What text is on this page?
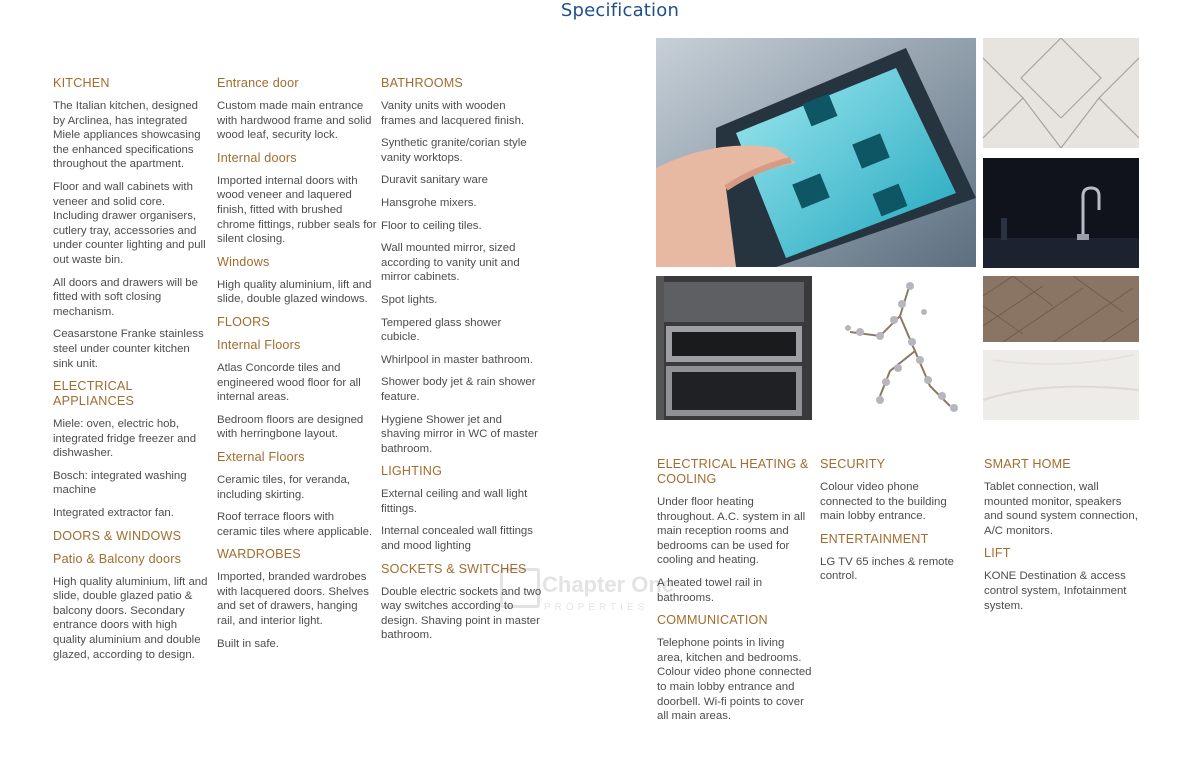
Specification
KITCHEN
The Italian kitchen, designed by Arclinea, has integrated Miele appliances showcasing the enhanced specifications throughout the apartment.
Floor and wall cabinets with veneer and solid core. Including drawer organisers, cutlery tray, accessories and under counter lighting and pull out waste bin.
All doors and drawers will be fitted with soft closing mechanism.
Ceasarstone Franke stainless steel under counter kitchen sink unit.
ELECTRICAL APPLIANCES
Miele: oven, electric hob, integrated fridge freezer and dishwasher.
Bosch: integrated washing machine
Integrated extractor fan.
DOORS & WINDOWS
Patio & Balcony doors
High quality aluminium, lift and slide, double glazed patio & balcony doors. Secondary entrance doors with high quality aluminium and double glazed, according to design.
Entrance door
Custom made main entrance with hardwood frame and solid wood leaf, security lock.
Internal doors
Imported internal doors with wood veneer and laquered finish, fitted with brushed chrome fittings, rubber seals for silent closing.
Windows
High quality aluminium, lift and slide, double glazed windows.
FLOORS
Internal Floors
Atlas Concorde tiles and engineered wood floor for all internal areas.
Bedroom floors are designed with herringbone layout.
External Floors
Ceramic tiles, for veranda, including skirting.
Roof terrace floors with ceramic tiles where applicable.
WARDROBES
Imported, branded wardrobes with lacquered doors. Shelves and set of drawers, hanging rail, and interior light.
Built in safe.
BATHROOMS
Vanity units with wooden frames and lacquered finish.
Synthetic granite/corian style vanity worktops.
Duravit sanitary ware
Hansgrohe mixers.
Floor to ceiling tiles.
Wall mounted mirror, sized according to vanity unit and mirror cabinets.
Spot lights.
Tempered glass shower cubicle.
Whirlpool in master bathroom.
Shower body jet & rain shower feature.
Hygiene Shower jet and shaving mirror in WC of master bathroom.
LIGHTING
External ceiling and wall light fittings.
Internal concealed wall fittings and mood lighting
SOCKETS & SWITCHES
Double electric sockets and two way switches according to design. Shaving point in master bathroom.
ELECTRICAL HEATING & COOLING
Under floor heating throughout. A.C. system in all main reception rooms and bedrooms can be used for cooling and heating.
A heated towel rail in bathrooms.
COMMUNICATION
Telephone points in living area, kitchen and bedrooms. Colour video phone connected to main lobby entrance and doorbell. Wi-fi points to cover all main areas.
SECURITY
Colour video phone connected to the building main lobby entrance.
ENTERTAINMENT
LG TV 65 inches & remote control.
SMART HOME
Tablet connection, wall mounted monitor, speakers and sound system connection, A/C monitors.
LIFT
KONE Destination & access control system, Infotainment system.
Chapter One
PROPERTIES
